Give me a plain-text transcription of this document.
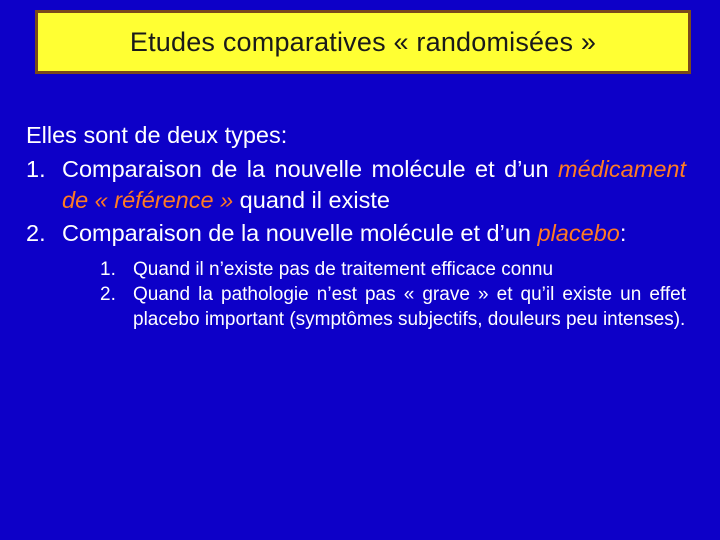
Etudes comparatives « randomisées »

Elles sont de deux types:

1. Comparaison de la nouvelle molécule et d’un médicament de « référence » quand il existe
2. Comparaison de la nouvelle molécule et d’un placebo:
1. Quand il n’existe pas de traitement efficace connu
2. Quand la pathologie n’est pas « grave » et qu’il existe un effet placebo important (symptômes subjectifs, douleurs peu intenses).
